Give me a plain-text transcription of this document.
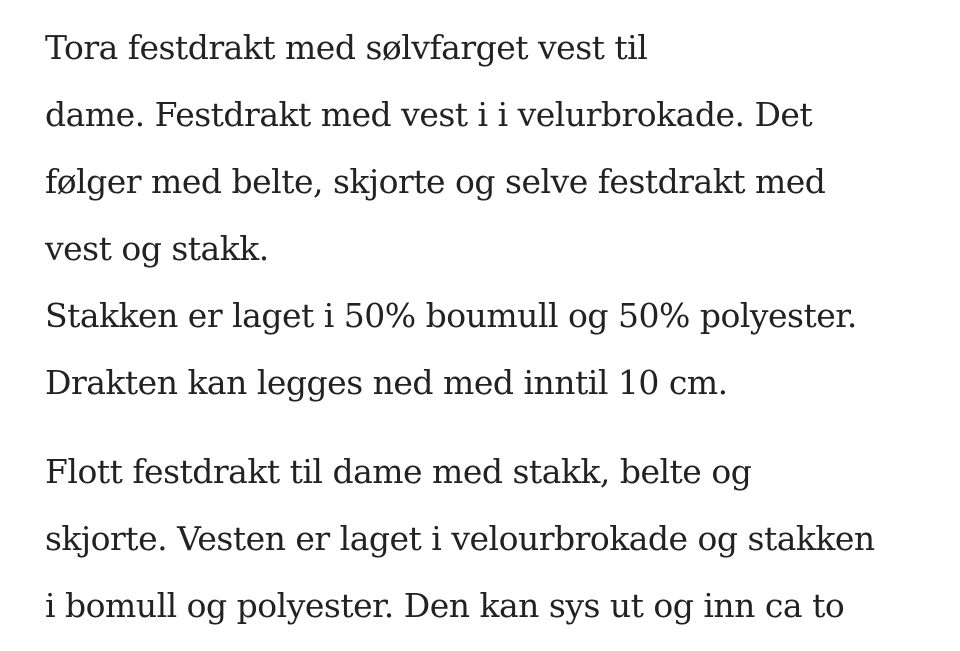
Tora festdrakt med sølvfarget vest til
dame. Festdrakt med vest i i velurbrokade. Det
følger med belte, skjorte og selve festdrakt med
vest og stakk.
Stakken er laget i 50% boumull og 50% polyester.
Drakten kan legges ned med inntil 10 cm.

Flott festdrakt til dame med stakk, belte og
skjorte. Vesten er laget i velourbrokade og stakken
i bomull og polyester. Den kan sys ut og inn ca to
